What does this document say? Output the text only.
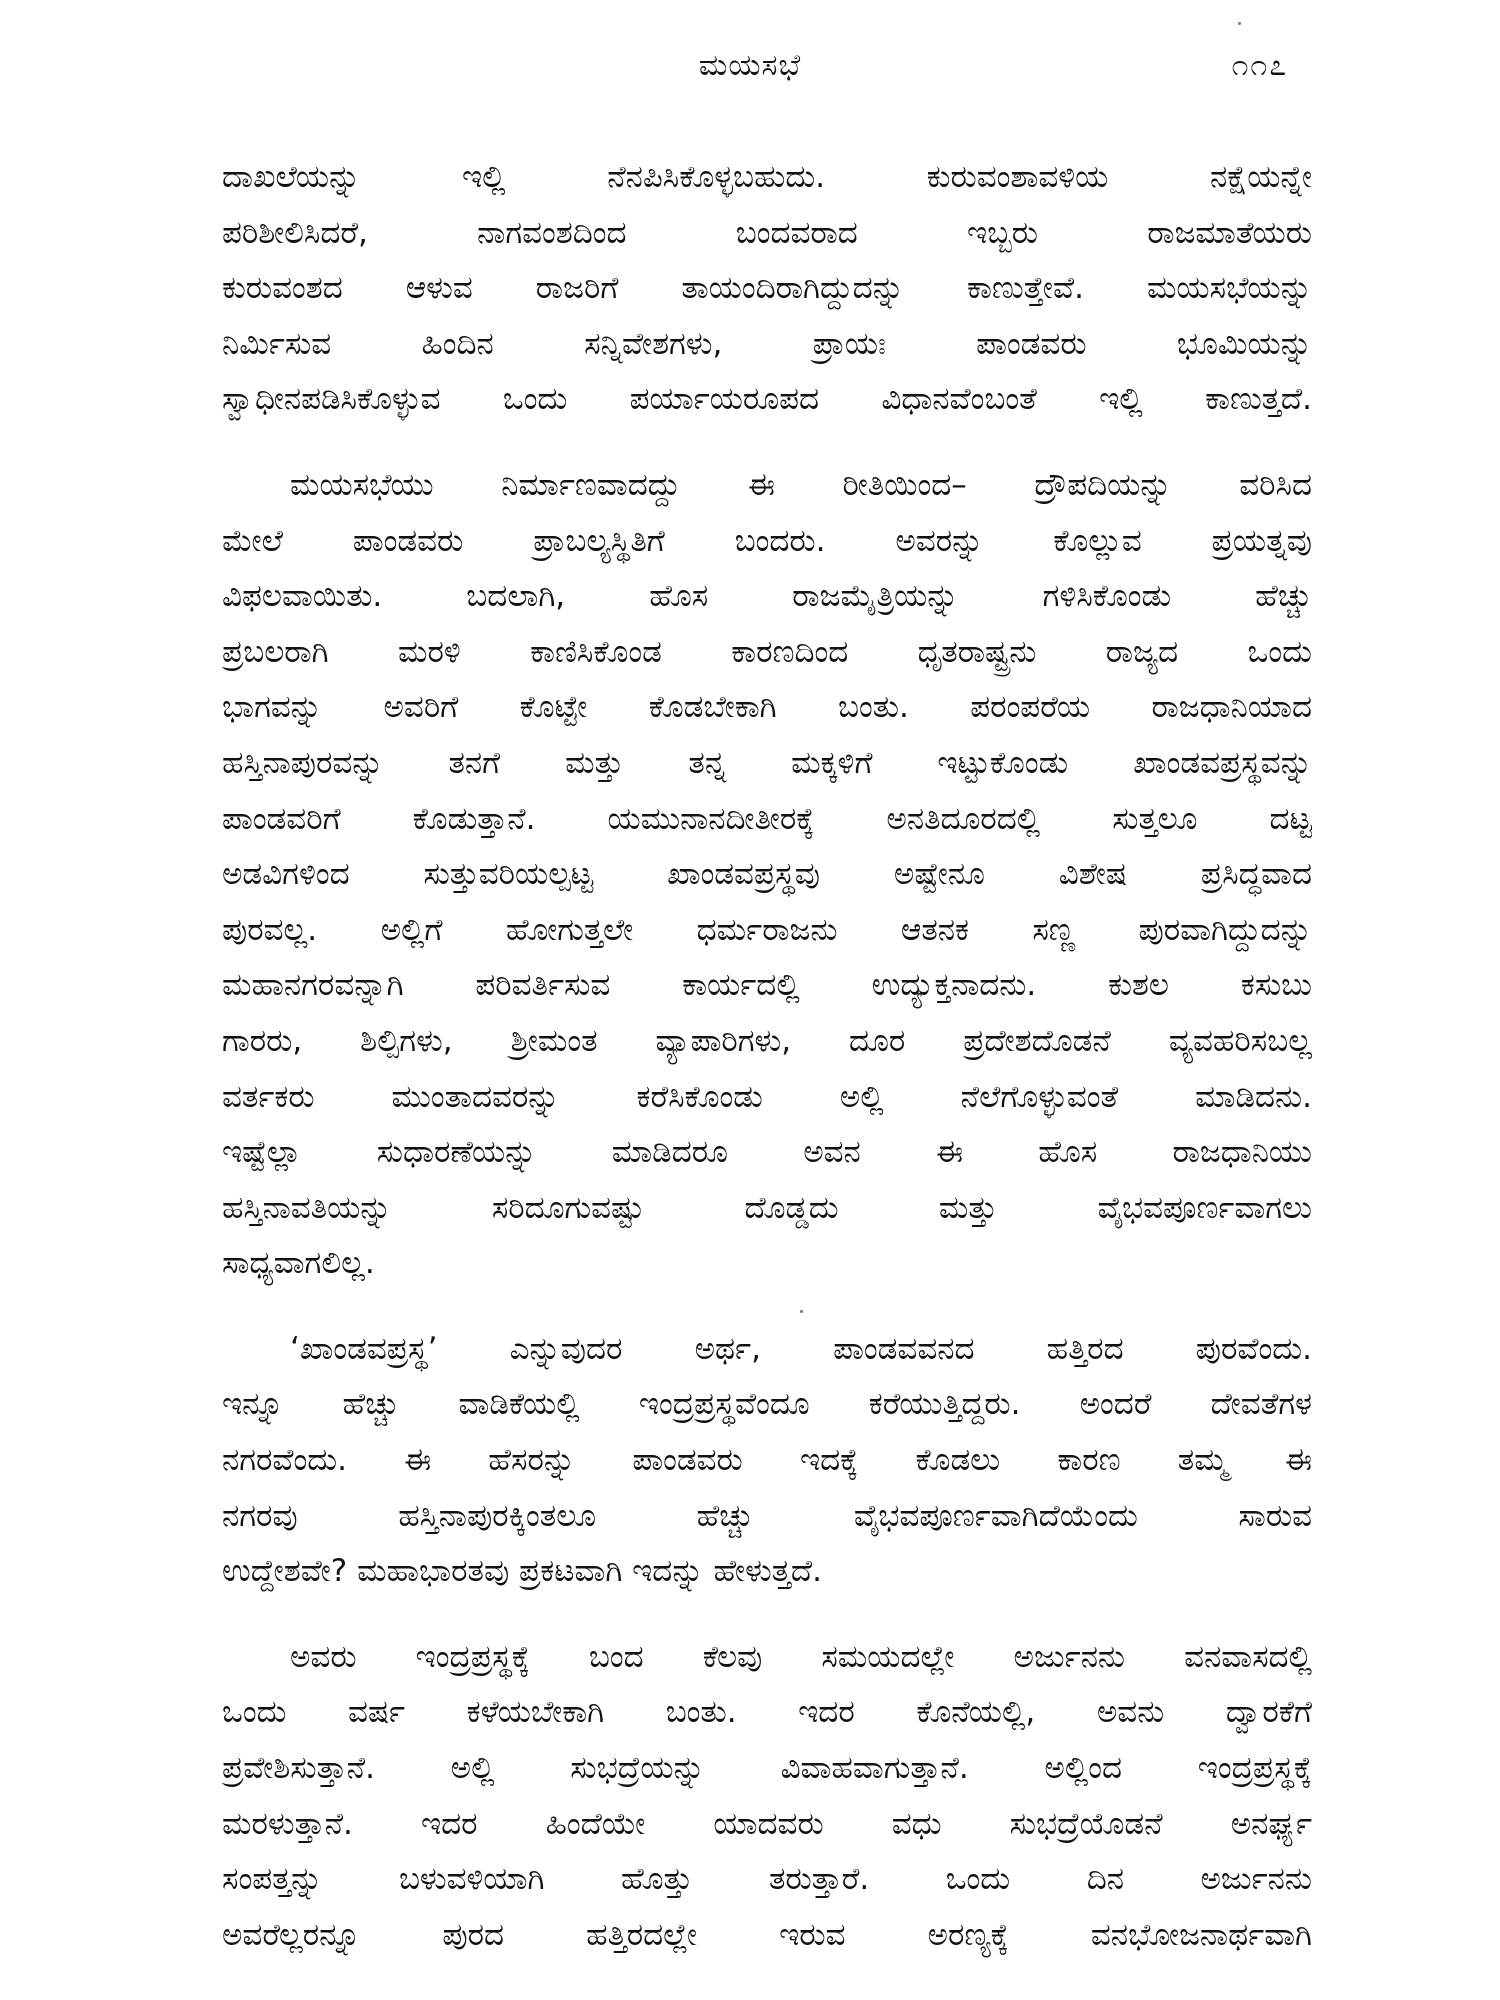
ಮಯಸಭೆ	೧೧೭
ದಾಖಲೆಯನ್ನು ಇಲ್ಲಿ ನೆನಪಿಸಿಕೊಳ್ಳಬಹುದು. ಕುರುವಂಶಾವಳಿಯ ನಕ್ಷೆಯನ್ನೇ
ಪರಿಶೀಲಿಸಿದರೆ, ನಾಗವಂಶದಿಂದ ಬಂದವರಾದ ಇಬ್ಬರು ರಾಜಮಾತೆಯರು
ಕುರುವಂಶದ ಆಳುವ ರಾಜರಿಗೆ ತಾಯಂದಿರಾಗಿದ್ದುದನ್ನು ಕಾಣುತ್ತೇವೆ. ಮಯಸಭೆಯನ್ನು
ನಿರ್ಮಿಸುವ ಹಿಂದಿನ ಸನ್ನಿವೇಶಗಳು, ಪ್ರಾಯಃ ಪಾಂಡವರು ಭೂಮಿಯನ್ನು
ಸ್ವಾಧೀನಪಡಿಸಿಕೊಳ್ಳುವ ಒಂದು ಪರ್ಯಾಯರೂಪದ ವಿಧಾನವೆಂಬಂತೆ ಇಲ್ಲಿ ಕಾಣುತ್ತದೆ.
ಮಯಸಭೆಯು ನಿರ್ಮಾಣವಾದದ್ದು ಈ ರೀತಿಯಿಂದ– ದ್ರೌಪದಿಯನ್ನು ವರಿಸಿದ
ಮೇಲೆ ಪಾಂಡವರು ಪ್ರಾಬಲ್ಯಸ್ಥಿತಿಗೆ ಬಂದರು. ಅವರನ್ನು ಕೊಲ್ಲುವ ಪ್ರಯತ್ನವು
ವಿಫಲವಾಯಿತು. ಬದಲಾಗಿ, ಹೊಸ ರಾಜಮೈತ್ರಿಯನ್ನು ಗಳಿಸಿಕೊಂಡು ಹೆಚ್ಚು
ಪ್ರಬಲರಾಗಿ ಮರಳಿ ಕಾಣಿಸಿಕೊಂಡ ಕಾರಣದಿಂದ ಧೃತರಾಷ್ಟ್ರನು ರಾಜ್ಯದ ಒಂದು
ಭಾಗವನ್ನು ಅವರಿಗೆ ಕೊಟ್ಟೇ ಕೊಡಬೇಕಾಗಿ ಬಂತು. ಪರಂಪರೆಯ ರಾಜಧಾನಿಯಾದ
ಹಸ್ತಿನಾಪುರವನ್ನು ತನಗೆ ಮತ್ತು ತನ್ನ ಮಕ್ಕಳಿಗೆ ಇಟ್ಟುಕೊಂಡು ಖಾಂಡವಪ್ರಸ್ಥವನ್ನು
ಪಾಂಡವರಿಗೆ ಕೊಡುತ್ತಾನೆ. ಯಮುನಾನದೀತೀರಕ್ಕೆ ಅನತಿದೂರದಲ್ಲಿ ಸುತ್ತಲೂ ದಟ್ಟ
ಅಡವಿಗಳಿಂದ ಸುತ್ತುವರಿಯಲ್ಪಟ್ಟ ಖಾಂಡವಪ್ರಸ್ಥವು ಅಷ್ಟೇನೂ ವಿಶೇಷ ಪ್ರಸಿದ್ಧವಾದ
ಪುರವಲ್ಲ. ಅಲ್ಲಿಗೆ ಹೋಗುತ್ತಲೇ ಧರ್ಮರಾಜನು ಆತನಕ ಸಣ್ಣ ಪುರವಾಗಿದ್ದುದನ್ನು
ಮಹಾನಗರವನ್ನಾಗಿ ಪರಿವರ್ತಿಸುವ ಕಾರ್ಯದಲ್ಲಿ ಉದ್ಯುಕ್ತನಾದನು. ಕುಶಲ ಕಸುಬು
ಗಾರರು, ಶಿಲ್ಪಿಗಳು, ಶ್ರೀಮಂತ ವ್ಯಾಪಾರಿಗಳು, ದೂರ ಪ್ರದೇಶದೊಡನೆ ವ್ಯವಹರಿಸಬಲ್ಲ
ವರ್ತಕರು ಮುಂತಾದವರನ್ನು ಕರೆಸಿಕೊಂಡು ಅಲ್ಲಿ ನೆಲೆಗೊಳ್ಳುವಂತೆ ಮಾಡಿದನು.
ಇಷ್ಟೆಲ್ಲಾ ಸುಧಾರಣೆಯನ್ನು ಮಾಡಿದರೂ ಅವನ ಈ ಹೊಸ ರಾಜಧಾನಿಯು
ಹಸ್ತಿನಾವತಿಯನ್ನು ಸರಿದೂಗುವಷ್ಟು ದೊಡ್ಡದು ಮತ್ತು ವೈಭವಪೂರ್ಣವಾಗಲು
ಸಾಧ್ಯವಾಗಲಿಲ್ಲ.
‘ಖಾಂಡವಪ್ರಸ್ಥ’ ಎನ್ನುವುದರ ಅರ್ಥ, ಪಾಂಡವವನದ ಹತ್ತಿರದ ಪುರವೆಂದು.
ಇನ್ನೂ ಹೆಚ್ಚು ವಾಡಿಕೆಯಲ್ಲಿ ಇಂದ್ರಪ್ರಸ್ಥವೆಂದೂ ಕರೆಯುತ್ತಿದ್ದರು. ಅಂದರೆ ದೇವತೆಗಳ
ನಗರವೆಂದು. ಈ ಹೆಸರನ್ನು ಪಾಂಡವರು ಇದಕ್ಕೆ ಕೊಡಲು ಕಾರಣ ತಮ್ಮ ಈ
ನಗರವು ಹಸ್ತಿನಾಪುರಕ್ಕಿಂತಲೂ ಹೆಚ್ಚು ವೈಭವಪೂರ್ಣವಾಗಿದೆಯೆಂದು ಸಾರುವ
ಉದ್ದೇಶವೇ? ಮಹಾಭಾರತವು ಪ್ರಕಟವಾಗಿ ಇದನ್ನು ಹೇಳುತ್ತದೆ.
ಅವರು ಇಂದ್ರಪ್ರಸ್ಥಕ್ಕೆ ಬಂದ ಕೆಲವು ಸಮಯದಲ್ಲೇ ಅರ್ಜುನನು ವನವಾಸದಲ್ಲಿ
ಒಂದು ವರ್ಷ ಕಳೆಯಬೇಕಾಗಿ ಬಂತು. ಇದರ ಕೊನೆಯಲ್ಲಿ, ಅವನು ದ್ವಾರಕೆಗೆ
ಪ್ರವೇಶಿಸುತ್ತಾನೆ. ಅಲ್ಲಿ ಸುಭದ್ರೆಯನ್ನು ವಿವಾಹವಾಗುತ್ತಾನೆ. ಅಲ್ಲಿಂದ ಇಂದ್ರಪ್ರಸ್ಥಕ್ಕೆ
ಮರಳುತ್ತಾನೆ. ಇದರ ಹಿಂದೆಯೇ ಯಾದವರು ವಧು ಸುಭದ್ರೆಯೊಡನೆ ಅನರ್ಘ್ಯ
ಸಂಪತ್ತನ್ನು ಬಳುವಳಿಯಾಗಿ ಹೊತ್ತು ತರುತ್ತಾರೆ. ಒಂದು ದಿನ ಅರ್ಜುನನು
ಅವರೆಲ್ಲರನ್ನೂ ಪುರದ ಹತ್ತಿರದಲ್ಲೇ ಇರುವ ಅರಣ್ಯಕ್ಕೆ ವನಭೋಜನಾರ್ಥವಾಗಿ
